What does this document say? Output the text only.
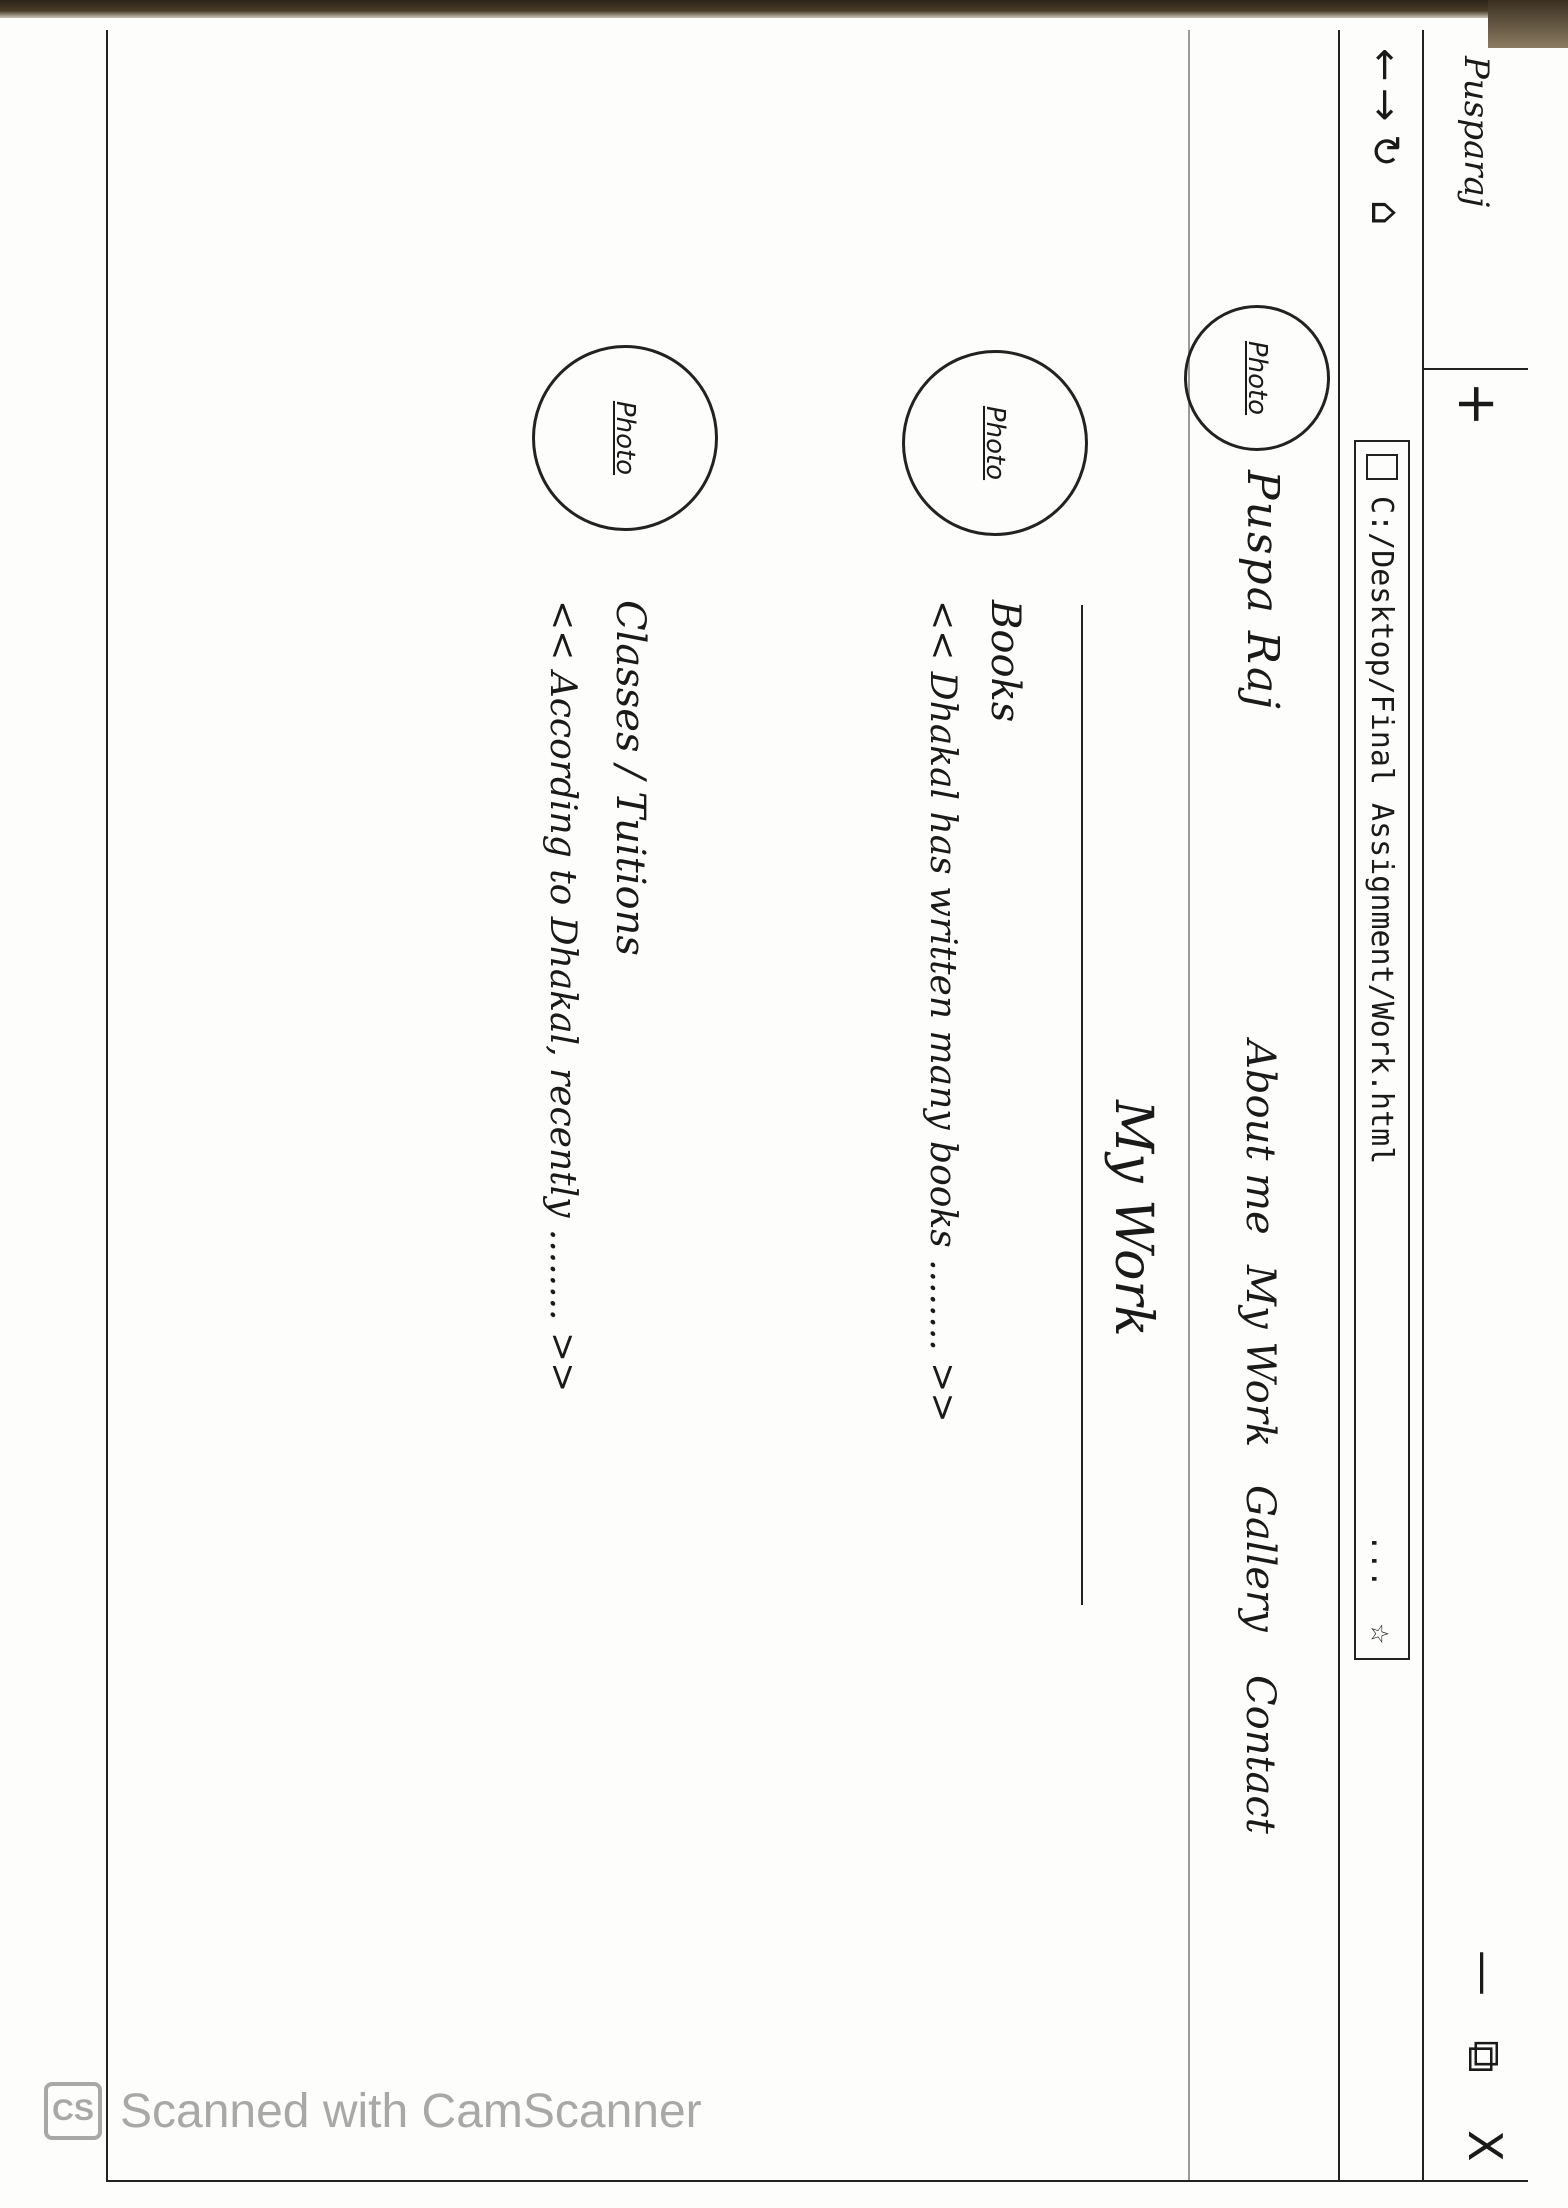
Pusparaj
+
—
⧉
X
←
→
↻
⌂
C:/Desktop/Final Assignment/Work.html
...
☆
Photo
Puspa Raj
About me
My Work
Gallery
Contact
My Work
Photo
Books
<< Dhakal has written many books ........ >>
Photo
Classes / Tuitions
<< According to Dhakal, recently ........ >>
CS Scanned with CamScanner
